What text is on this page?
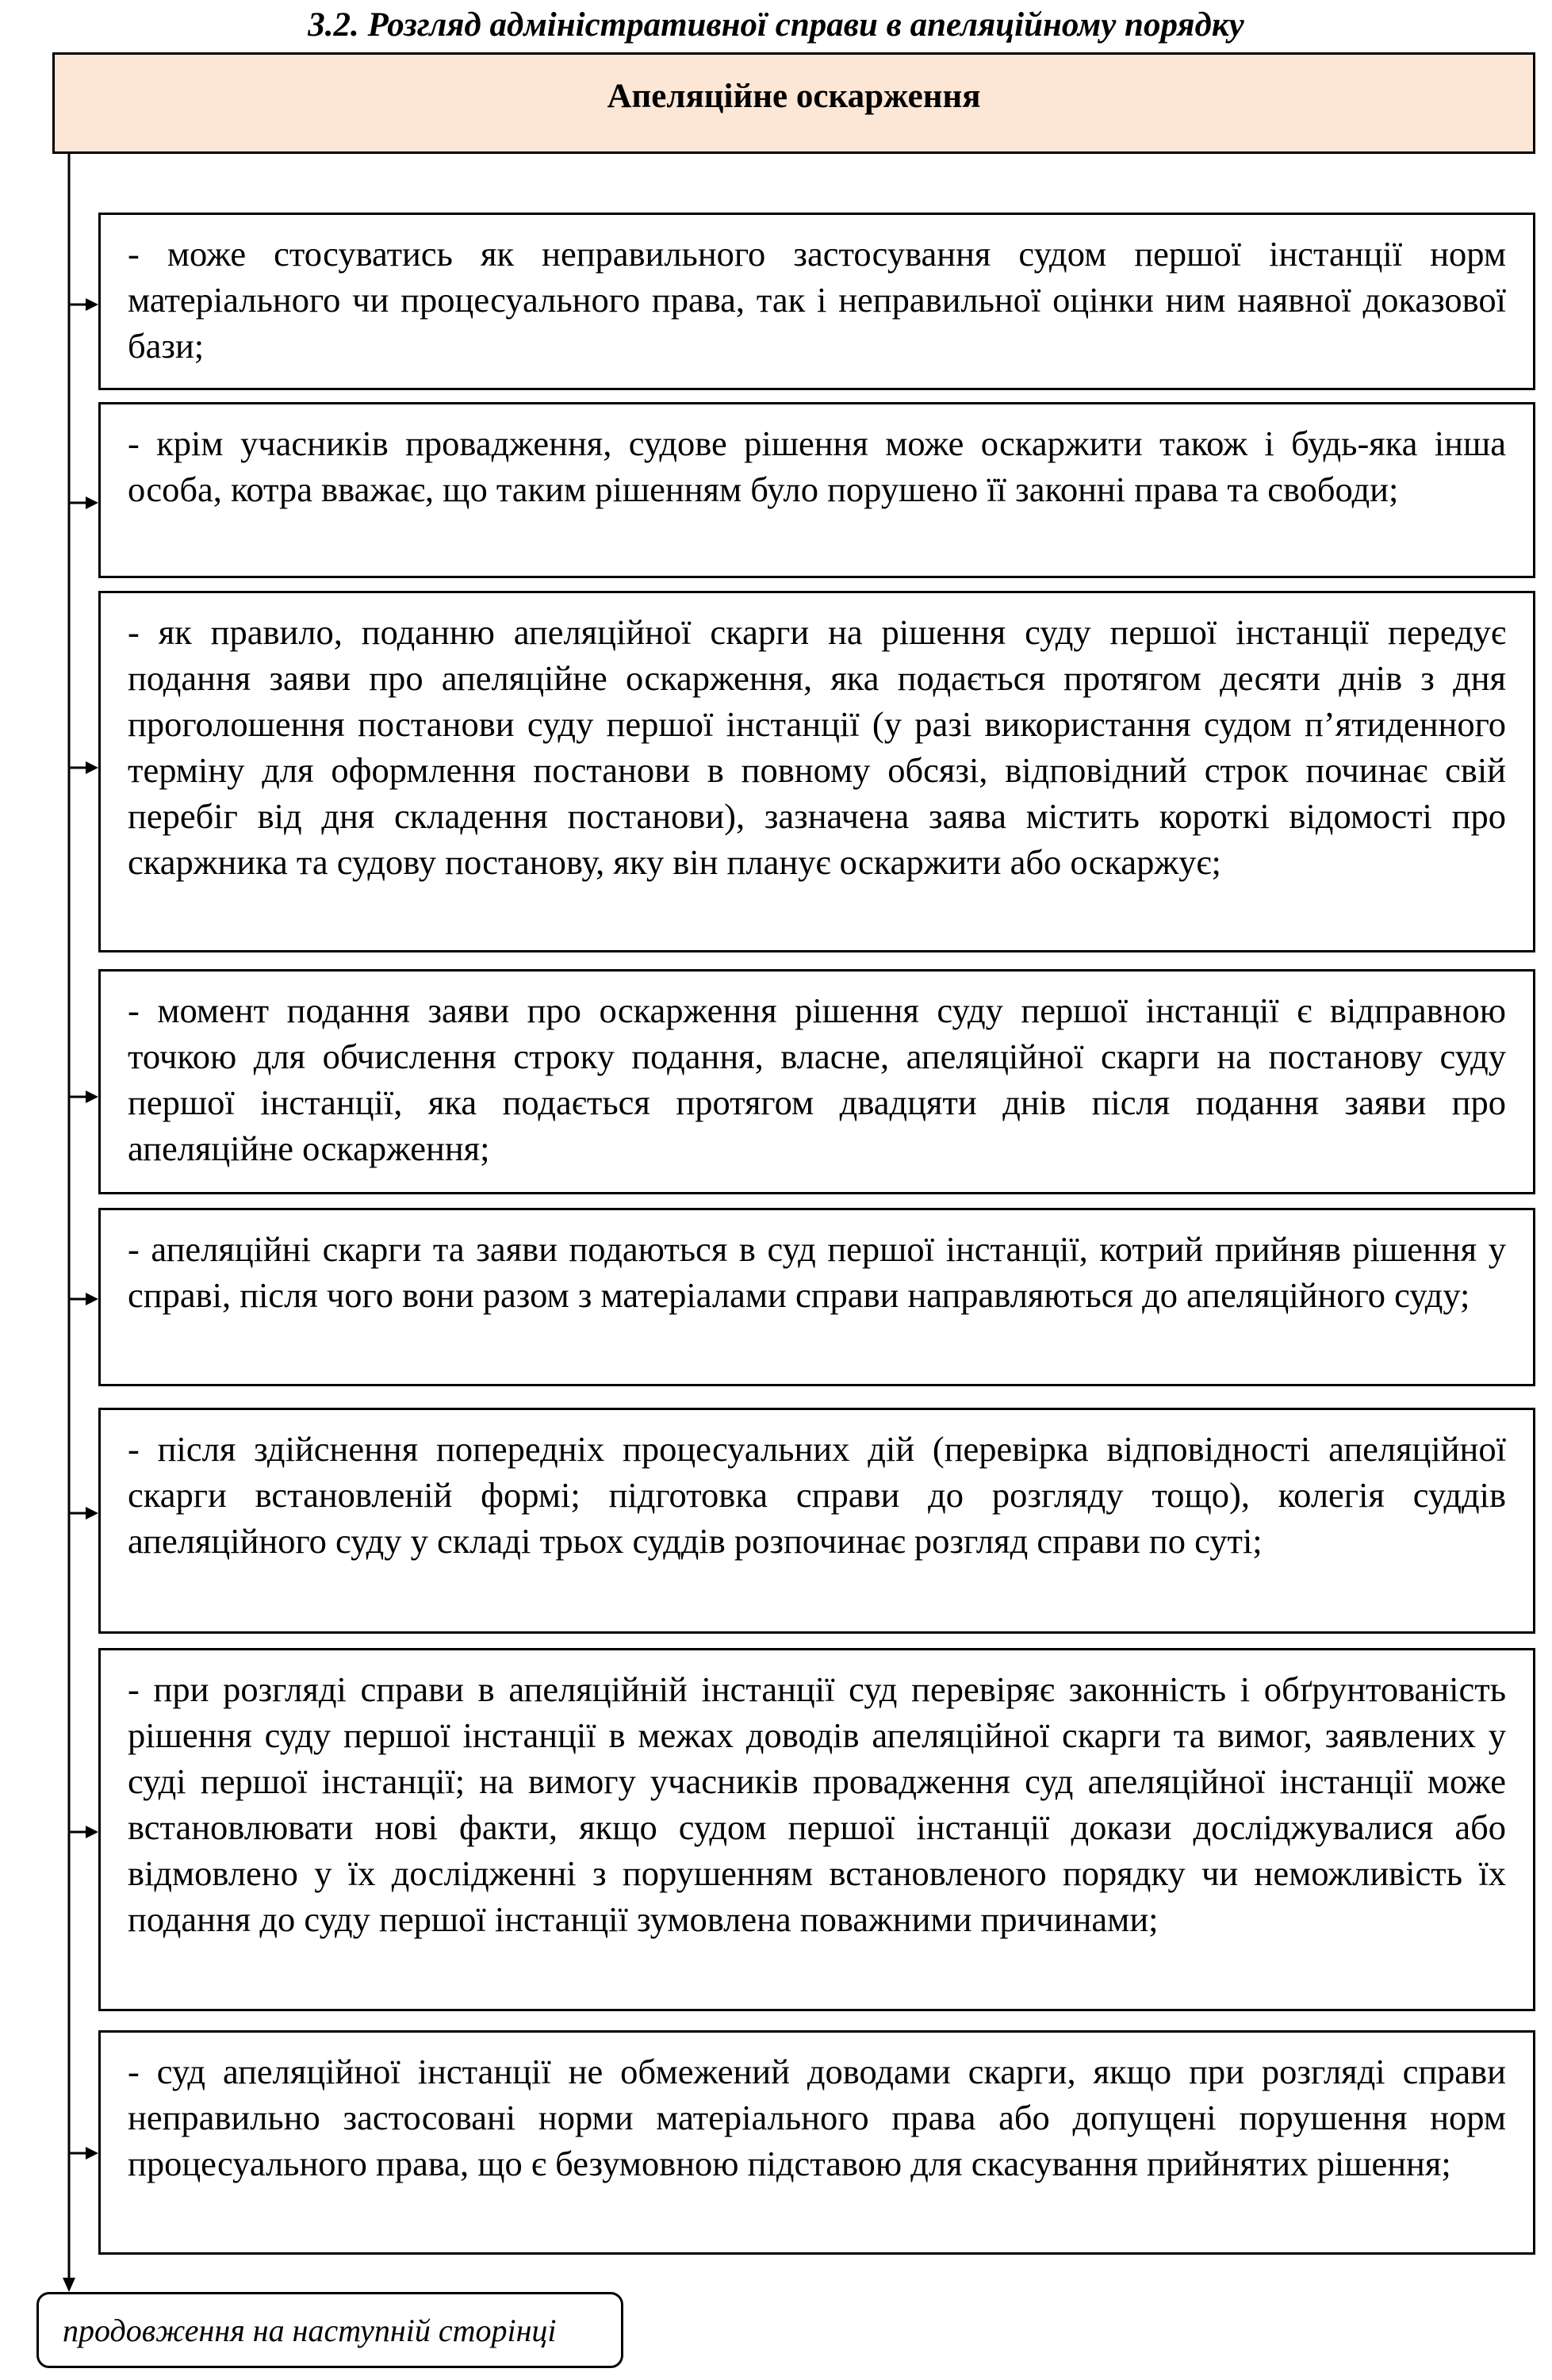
3.2. Розгляд адміністративної справи в апеляційному порядку
Апеляційне оскарження
- може стосуватись як неправильного застосування судом першої інстанції норм матеріального чи процесуального права, так і неправильної оцінки ним наявної доказової бази;
- крім учасників провадження, судове рішення може оскаржити також і будь-яка інша особа, котра вважає, що таким рішенням було порушено її законні права та свободи;
- як правило, поданню апеляційної скарги на рішення суду першої інстанції передує подання заяви про апеляційне оскарження, яка подається протягом десяти днів з дня проголошення постанови суду першої інстанції (у разі використання судом п’ятиденного терміну для оформлення постанови в повному обсязі, відповідний строк починає свій перебіг від дня складення постанови), зазначена заява містить короткі відомості про скаржника та судову постанову, яку він планує оскаржити або оскаржує;
- момент подання заяви про оскарження рішення суду першої інстанції є відправною точкою для обчислення строку подання, власне, апеляційної скарги на постанову суду першої інстанції, яка подається протягом двадцяти днів після подання заяви про апеляційне оскарження;
- апеляційні скарги та заяви подаються в суд першої інстанції, котрий прийняв рішення у справі, після чого вони разом з матеріалами справи направляються до апеляційного суду;
- після здійснення попередніх процесуальних дій (перевірка відповідності апеляційної скарги встановленій формі; підготовка справи до розгляду тощо), колегія суддів апеляційного суду у складі трьох суддів розпочинає розгляд справи по суті;
- при розгляді справи в апеляційній інстанції суд перевіряє законність і обґрунтованість рішення суду першої інстанції в межах доводів апеляційної скарги та вимог, заявлених у суді першої інстанції; на вимогу учасників провадження суд апеляційної інстанції може встановлювати нові факти, якщо судом першої інстанції докази досліджувалися або відмовлено у їх дослідженні з порушенням встановленого порядку чи неможливість їх подання до суду першої інстанції зумовлена поважними причинами;
- суд апеляційної інстанції не обмежений доводами скарги, якщо при розгляді справи неправильно застосовані норми матеріального права або допущені порушення норм процесуального права, що є безумовною підставою для скасування прийнятих рішення;
продовження на наступній сторінці
